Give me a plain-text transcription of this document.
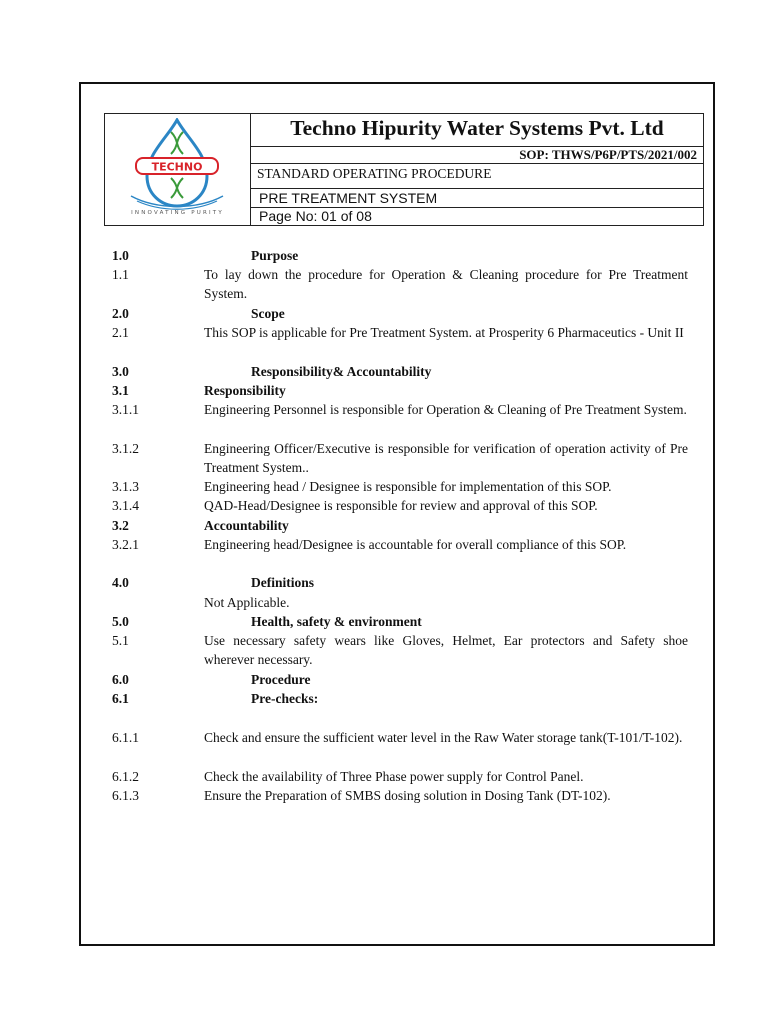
TECHNO
INNOVATING PURITY
Techno Hipurity Water Systems Pvt. Ltd
SOP: THWS/P6P/PTS/2021/002
STANDARD OPERATING PROCEDURE
PRE TREATMENT SYSTEM
Page No: 01 of 08
1.0	Purpose
1.1	To lay down the procedure for Operation & Cleaning procedure for Pre Treatment System.
2.0	Scope
2.1	This SOP is applicable for Pre Treatment System. at Prosperity 6 Pharmaceutics - Unit II
3.0	Responsibility& Accountability
3.1	Responsibility
3.1.1	Engineering Personnel is responsible for Operation & Cleaning of Pre Treatment System.
3.1.2	Engineering Officer/Executive is responsible for verification of operation activity of Pre Treatment System..
3.1.3	Engineering head / Designee is responsible for implementation of this SOP.
3.1.4	QAD-Head/Designee is responsible for review and approval of this SOP.
3.2	Accountability
3.2.1	Engineering head/Designee is accountable for overall compliance of this SOP.
4.0	Definitions
Not Applicable.
5.0	Health, safety & environment
5.1	Use necessary safety wears like Gloves, Helmet, Ear protectors and Safety shoe wherever necessary.
6.0	Procedure
6.1	Pre-checks:
6.1.1	Check and ensure the sufficient water level in the Raw Water storage tank(T-101/T-102).
6.1.2	Check the availability of Three Phase power supply for Control Panel.
6.1.3	Ensure the Preparation of SMBS dosing solution in Dosing Tank (DT-102).
